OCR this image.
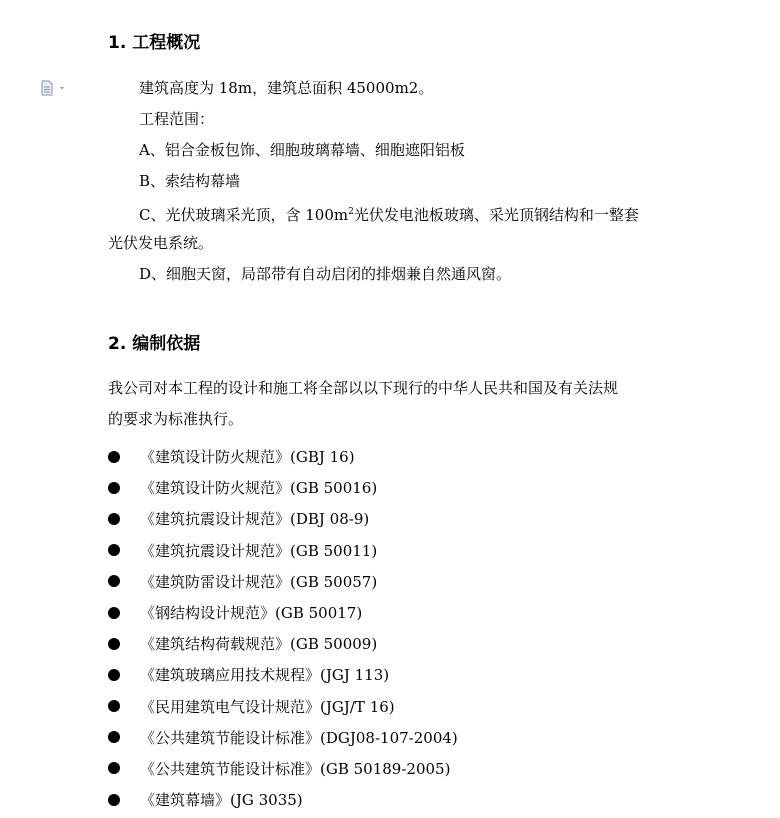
1. 工程概况
建筑高度为 18m，建筑总面积 45000m2。
工程范围：
A、铝合金板包饰、细胞玻璃幕墙、细胞遮阳铝板
B、索结构幕墙
C、光伏玻璃采光顶，含 $100m^2$光伏发电池板玻璃、采光顶钢结构和一整套
光伏发电系统。
D、细胞天窗，局部带有自动启闭的排烟兼自然通风窗。
2. 编制依据
我公司对本工程的设计和施工将全部以以下现行的中华人民共和国及有关法规
的要求为标准执行。
《建筑设计防火规范》(GBJ 16)
《建筑设计防火规范》(GB 50016)
《建筑抗震设计规范》(DBJ 08-9)
《建筑抗震设计规范》(GB 50011)
《建筑防雷设计规范》(GB 50057)
《钢结构设计规范》(GB 50017)
《建筑结构荷载规范》(GB 50009)
《建筑玻璃应用技术规程》(JGJ 113)
《民用建筑电气设计规范》(JGJ/T 16)
《公共建筑节能设计标准》(DGJ08-107-2004)
《公共建筑节能设计标准》(GB 50189-2005)
《建筑幕墙》(JG 3035)
